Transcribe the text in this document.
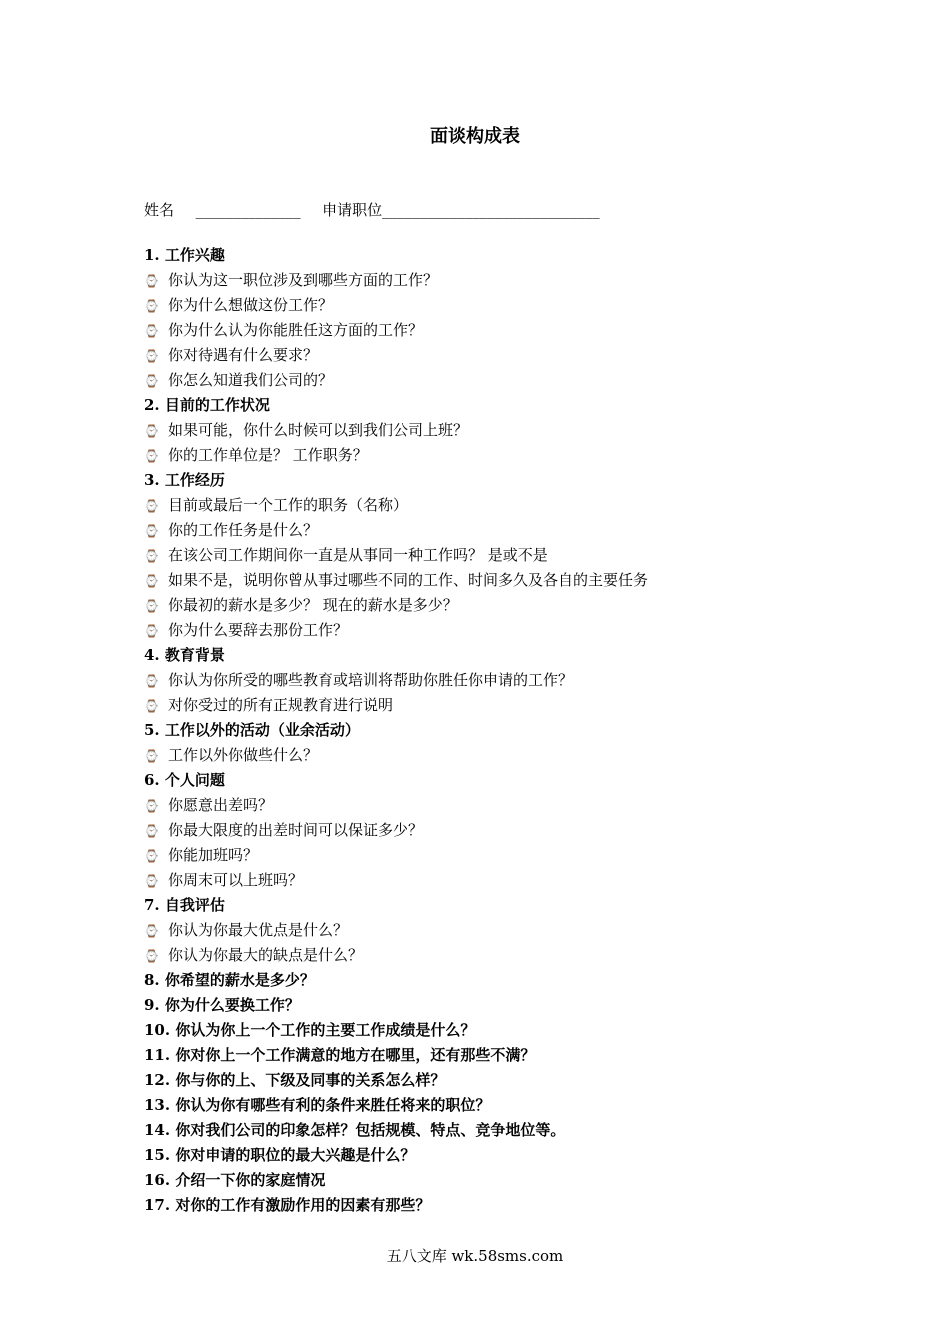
面谈构成表
姓名 ______________ 申请职位_____________________________
1. 工作兴趣
⌚ 你认为这一职位涉及到哪些方面的工作？
⌚ 你为什么想做这份工作？
⌚ 你为什么认为你能胜任这方面的工作？
⌚ 你对待遇有什么要求？
⌚ 你怎么知道我们公司的？
2. 目前的工作状况
⌚ 如果可能，你什么时候可以到我们公司上班？
⌚ 你的工作单位是？ 工作职务？
3. 工作经历
⌚ 目前或最后一个工作的职务（名称）
⌚ 你的工作任务是什么？
⌚ 在该公司工作期间你一直是从事同一种工作吗？ 是或不是
⌚ 如果不是，说明你曾从事过哪些不同的工作、时间多久及各自的主要任务
⌚ 你最初的薪水是多少？ 现在的薪水是多少？
⌚ 你为什么要辞去那份工作？
4. 教育背景
⌚ 你认为你所受的哪些教育或培训将帮助你胜任你申请的工作？
⌚ 对你受过的所有正规教育进行说明
5. 工作以外的活动（业余活动）
⌚ 工作以外你做些什么？
6. 个人问题
⌚ 你愿意出差吗？
⌚ 你最大限度的出差时间可以保证多少？
⌚ 你能加班吗？
⌚ 你周末可以上班吗？
7. 自我评估
⌚ 你认为你最大优点是什么？
⌚ 你认为你最大的缺点是什么？
8. 你希望的薪水是多少？
9. 你为什么要换工作？
10. 你认为你上一个工作的主要工作成绩是什么？
11. 你对你上一个工作满意的地方在哪里，还有那些不满？
12. 你与你的上、下级及同事的关系怎么样？
13. 你认为你有哪些有利的条件来胜任将来的职位？
14. 你对我们公司的印象怎样？包括规模、特点、竞争地位等。
15. 你对申请的职位的最大兴趣是什么？
16. 介绍一下你的家庭情况
17. 对你的工作有激励作用的因素有那些？
五八文库 wk.58sms.com
